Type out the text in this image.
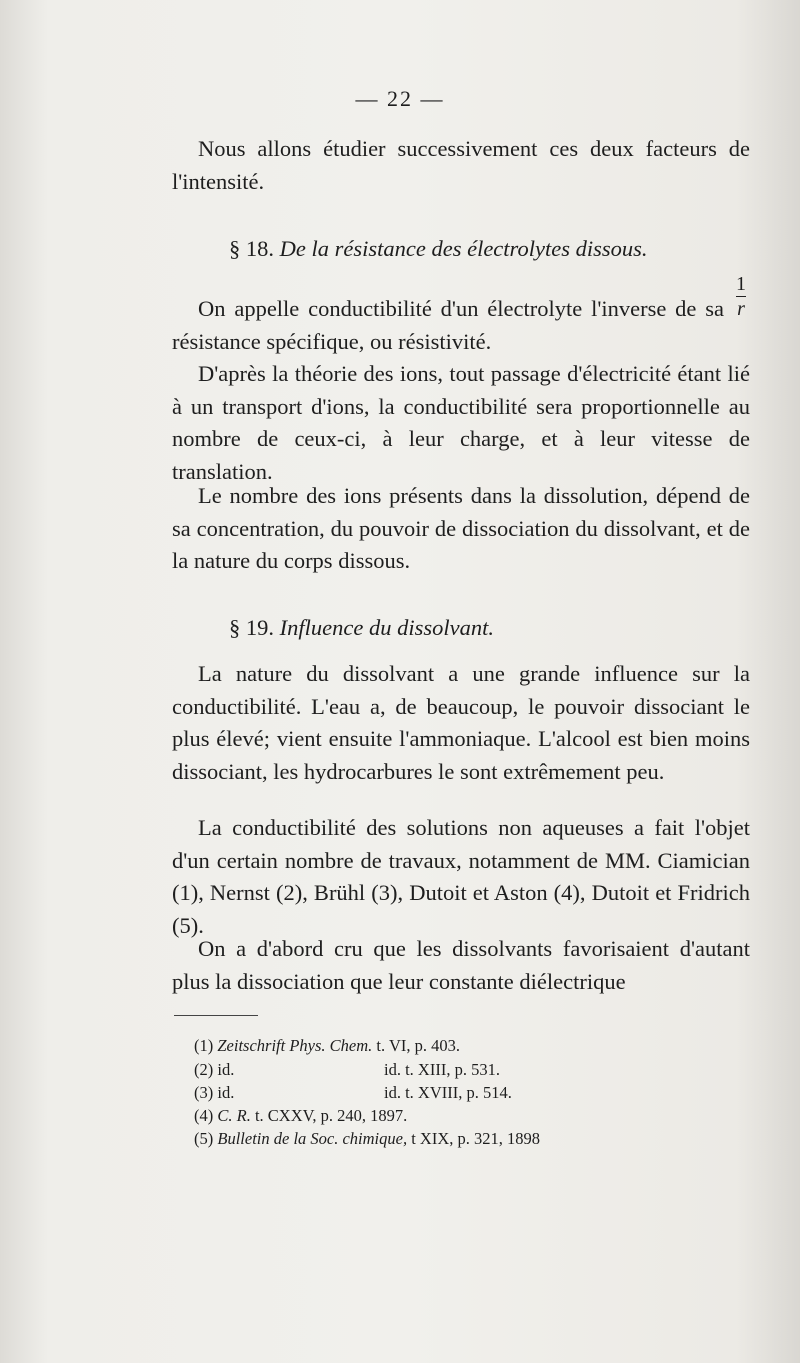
— 22 —

Nous allons étudier successivement ces deux facteurs de l'intensité.

§ 18. De la résistance des électrolytes dissous.
1
r

On appelle conductibilité d'un électrolyte l'inverse de sa résistance spécifique, ou résistivité.

D'après la théorie des ions, tout passage d'électricité étant lié à un transport d'ions, la conductibilité sera proportionnelle au nombre de ceux-ci, à leur charge, et à leur vitesse de translation.

Le nombre des ions présents dans la dissolution, dépend de sa concentration, du pouvoir de dissociation du dissolvant, et de la nature du corps dissous.

§ 19. Influence du dissolvant.

La nature du dissolvant a une grande influence sur la conductibilité. L'eau a, de beaucoup, le pouvoir dissociant le plus élevé; vient ensuite l'ammoniaque. L'alcool est bien moins dissociant, les hydrocarbures le sont extrêmement peu.

La conductibilité des solutions non aqueuses a fait l'objet d'un certain nombre de travaux, notamment de MM. Ciamician (1), Nernst (2), Brühl (3), Dutoit et Aston (4), Dutoit et Fridrich (5).

On a d'abord cru que les dissolvants favorisaient d'autant plus la dissociation que leur constante diélectrique

(1) Zeitschrift Phys. Chem. t. VI, p. 403.
(2) id.	id. t. XIII, p. 531.
(3) id.	id. t. XVIII, p. 514.
(4) C. R. t. CXXV, p. 240, 1897.
(5) Bulletin de la Soc. chimique, t XIX, p. 321, 1898
